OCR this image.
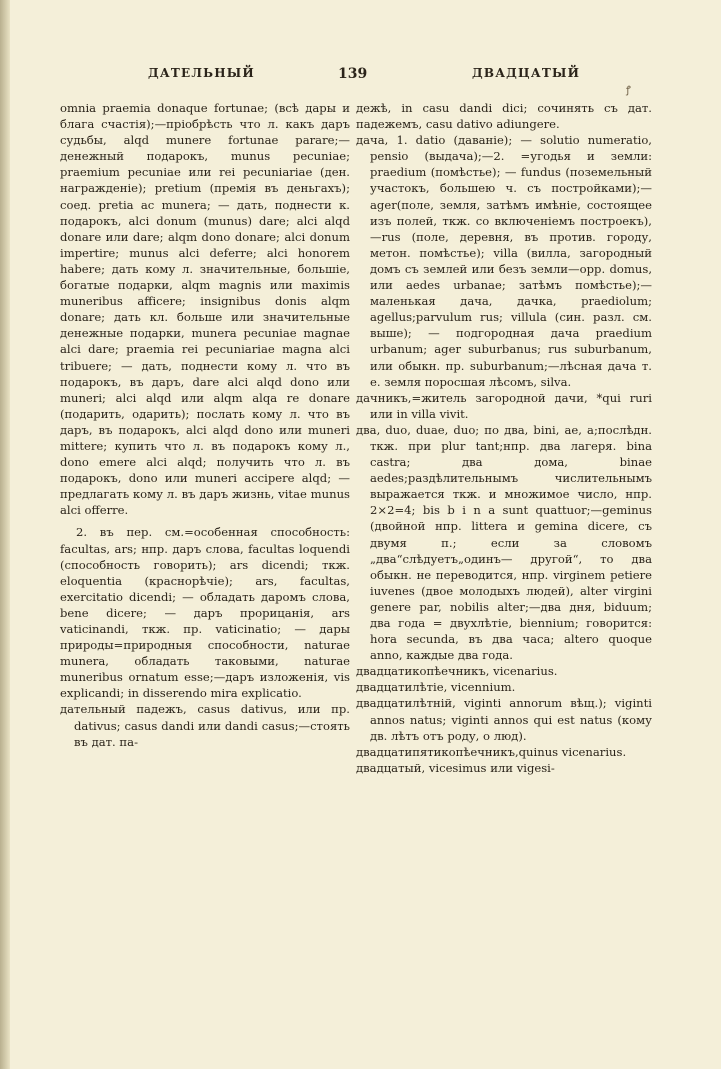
ДАТЕЛЬНЫЙ	139	ДВАДЦАТЫЙ
ꝭ

omnia praemia donaque fortunae; (всѣ дары и блага счастія);—пріобрѣсть что л. какъ даръ судьбы, alqd munere fortunae parare;—денежный подарокъ, munus pecuniae; praemium pecuniae или rei pecuniariae (ден. награжденіе); pretium (премія въ деньгахъ); соед. pretia ac munera; — дать, поднести к. подарокъ, alci donum (munus) dare; alci alqd donare или dare; alqm dono donare; alci donum impertire; munus alci deferre; alci honorem habere; дать кому л. значительные, большіе, богатые подарки, alqm magnis или maximis muneribus afficere; insignibus donis alqm donare; дать кл. больше или значительные денежные подарки, munera pecuniae magnae alci dare; praemia rei pecuniariae magna alci tribuere; — дать, поднести кому л. что въ подарокъ, въ даръ, dare alci alqd dono или muneri; alci alqd или alqm alqa re donare (подарить, одарить); послать кому л. что въ даръ, въ подарокъ, alci alqd dono или muneri mittere; купить что л. въ подарокъ кому л., dono emere alci alqd; получить что л. въ подарокъ, dono или muneri accipere alqd; — предлагать кому л. въ даръ жизнь, vitae munus alci offerre.

2. въ пер. см.=особенная способность: facultas, ars; нпр. даръ слова, facultas loquendi (способность говорить); ars dicendi; ткж. eloquentia (краснорѣчіе); ars, facultas, exercitatio dicendi; — обладать даромъ слова, bene dicere; — даръ прорицанія, ars vaticinandi, ткж. пр. vaticinatio; — дары природы=природныя способности, naturae munera, обладать таковыми, naturae muneribus ornatum esse;—даръ изложенія, vis explicandi; in disserendo mira explicatio.

дательный падежъ, casus dativus, или пр. dativus; casus dandi или dandi casus;—стоять въ дат. па-

дежѣ, in casu dandi dici; сочинять съ дат. падежемъ, casu dativo adiungere.

дача, 1. datio (даваніе); — solutio numeratio, pensio (выдача);—2. =угодья и земли: praedium (помѣстье); — fundus (поземельный участокъ, большею ч. съ постройками);—ager(поле, земля, затѣмъ имѣніе, состоящее изъ полей, ткж. со включеніемъ построекъ), —rus (поле, деревня, въ против. городу, метон. помѣстье); villa (вилла, загородный домъ съ землей или безъ земли—opp. domus, или aedes urbanae; затѣмъ помѣстье);—маленькая дача, дачка, praediolum; agellus;parvulum rus; villula (син. разл. см. выше); — подгородная дача praedium urbanum; ager suburbanus; rus suburbanum, или обыкн. пр. suburbanum;—лѣсная дача т. е. земля поросшая лѣсомъ, silva.

дачникъ,=житель загородной дачи, *qui ruri или in villa vivit.

два, duo, duae, duo; по два, bini, ae, a;послѣдн. ткж. при plur tant;нпр. два лагеря. bina castra; два дома, binae aedes;раздѣлительнымъ числительнымъ выражается ткж. и множимое число, нпр. 2×2=4; bis b i n a sunt quattuor;—geminus (двойной нпр. littera и gemina dicere, съ двумя п.; если за словомъ „два“слѣдуетъ„одинъ— другой“, то два обыкн. не переводится, нпр. virginem petiere iuvenes (двое молодыхъ людей), alter virgini genere par, nobilis alter;—два дня, biduum; два года = двухлѣтіе, biennium; говорится: hora secunda, въ два часа; altero quoque anno, каждые два года.

двадцатикопѣечникъ, vicenarius.

двадцатилѣтіе, vicennium.

двадцатилѣтній, viginti annorum вѣщ.); viginti annos natus; viginti annos qui est natus (кому дв. лѣтъ отъ роду, о люд).

двадцатипятикопѣечникъ,quinus vicenarius.

двадцатый, vicesimus или vigesi-
